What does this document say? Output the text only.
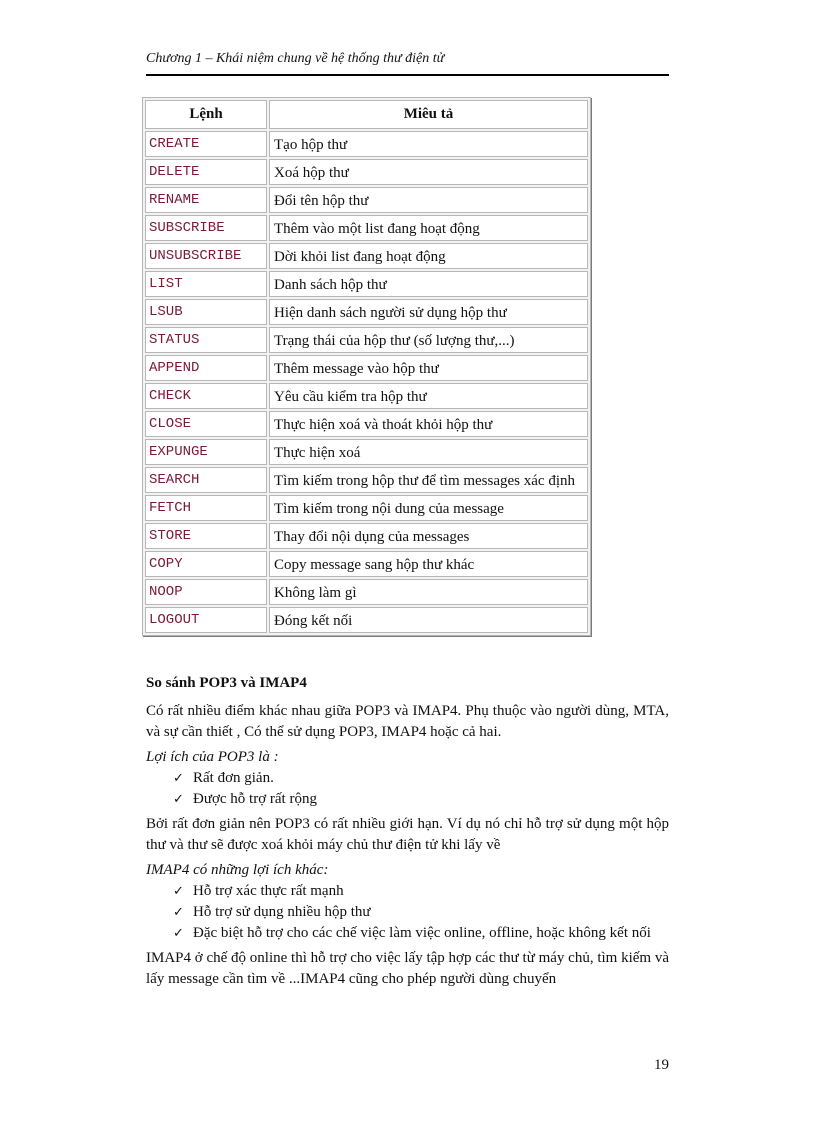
Chương 1 – Khái niệm chung về hệ thống thư điện tử
Lệnh	Miêu tả
CREATE	Tạo hộp thư
DELETE	Xoá hộp thư
RENAME	Đổi tên hộp thư
SUBSCRIBE	Thêm vào một list đang hoạt động
UNSUBSCRIBE	Dời khỏi list đang hoạt động
LIST	Danh sách hộp thư
LSUB	Hiện danh sách người sử dụng hộp thư
STATUS	Trạng thái của hộp thư (số lượng thư,...)
APPEND	Thêm message vào hộp thư
CHECK	Yêu cầu kiểm tra hộp thư
CLOSE	Thực hiện xoá và thoát khỏi hộp thư
EXPUNGE	Thực hiện xoá
SEARCH	Tìm kiếm trong hộp thư để tìm messages xác định
FETCH	Tìm kiếm trong nội dung của message
STORE	Thay đổi nội dụng của messages
COPY	Copy message sang hộp thư khác
NOOP	Không làm gì
LOGOUT	Đóng kết nối
So sánh POP3 và IMAP4

Có rất nhiều điểm khác nhau giữa POP3 và IMAP4. Phụ thuộc vào người dùng, MTA, và sự cần thiết , Có thể sử dụng POP3, IMAP4 hoặc cả hai.

Lợi ích của POP3 là :

✓ Rất đơn giản.
✓ Được hỗ trợ rất rộng

Bởi rất đơn giản nên POP3 có rất nhiều giới hạn. Ví dụ nó chỉ hỗ trợ sử dụng một hộp thư và thư sẽ được xoá khỏi máy chủ thư điện tử khi lấy về

IMAP4 có những lợi ích khác:

✓ Hỗ trợ xác thực rất mạnh
✓ Hỗ trợ sử dụng nhiều hộp thư
✓ Đặc biệt hỗ trợ cho các chế việc làm việc online, offline, hoặc không kết nối

IMAP4 ở chế độ online thì hỗ trợ cho việc lấy tập hợp các thư từ máy chủ, tìm kiếm và lấy message cần tìm về ...IMAP4 cũng cho phép người dùng chuyển

19
